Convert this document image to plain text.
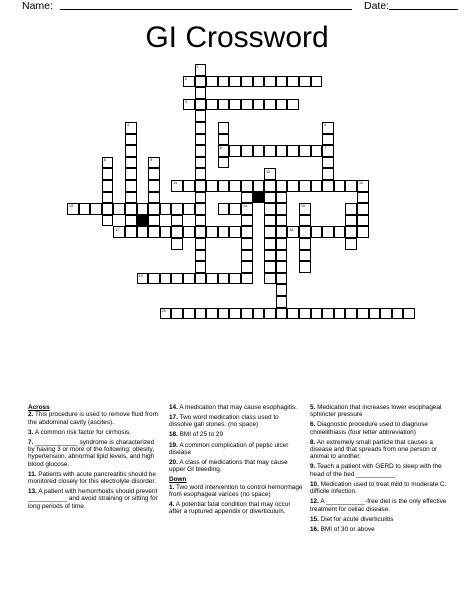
Name:	Date:
GI Crossword
2
3
6	7
11
13	14
17	18
19
20
1
4	5
8	9
10
15
12
Across
2. This procedure is used to remove fluid from the abdominal cavity (ascites).
3. A common risk factor for cirrhosis.
7. ____________ syndrome is characterized by having 3 or more of the following: obesity, hypertension, abnormal lipid levels, and high blood glucose.
11. Patients with acute pancreatitis should be monitored closely for this electrolyte disorder.
13. A patient with hemorrhoids should prevent ___________ and avoid straining or sitting for long periods of time.
14. A medication that may cause esophagitis.
17. Two word medication class used to dissolve gall stones. (no space)
18. BMI of 25 to 29
19. A common complication of peptic ulcer disease
20. A class of medications that may cause upper GI bleeding.
Down
1. Two word intervention to control hemorrhage from esophageal varices (no space)
4. A potential fatal condition that may occur after a ruptured appendix or diverticulum.
5. Medication that increases lower esophageal sphincter pressure
6. Diagnostic procedure used to diagnose cholelithiasis (four letter abbreviation)
8. An extremely small particle that causes a disease and that spreads from one person or animal to another.
9. Teach a patient with GERD to sleep with the head of the bed ___________.
10. Medication used to treat mild to moderate C. difficile infection.
12. A ___________-free diet is the only effective treatment for celiac disease.
15. Diet for acute diverticulitis
16. BMI of 30 or above
